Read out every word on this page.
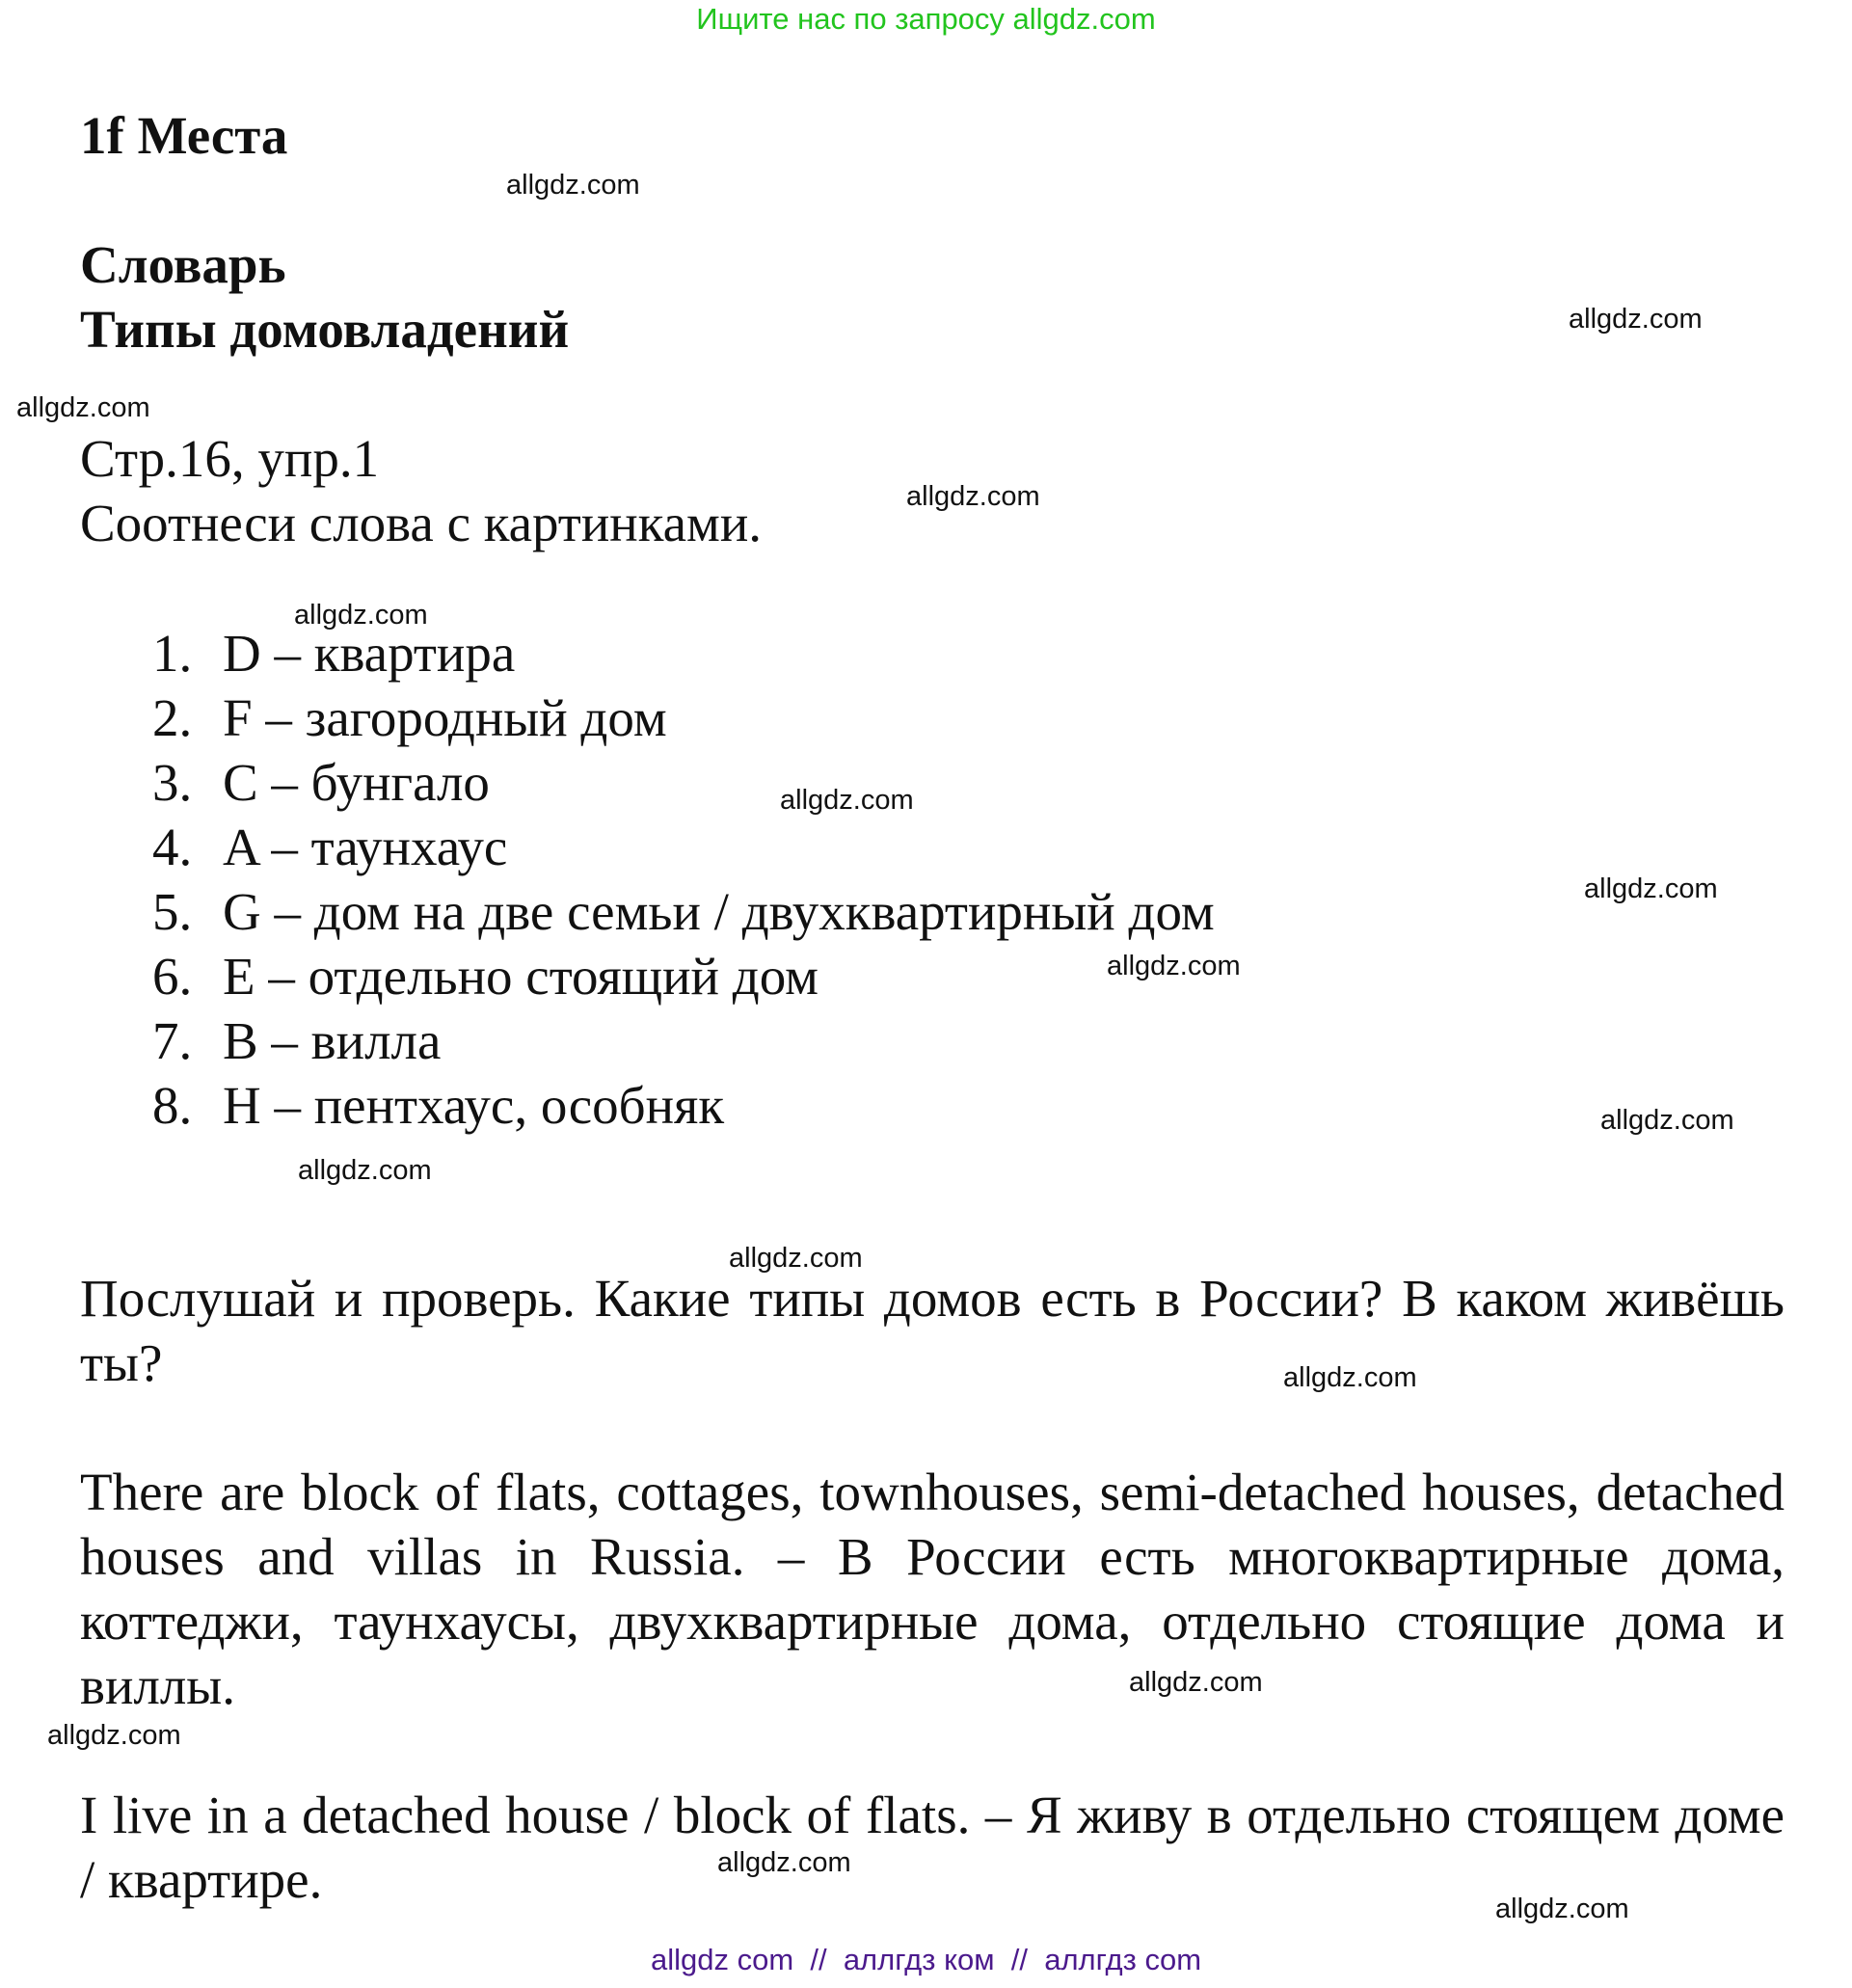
Ищите нас по запросу allgdz.com
1f Места
Словарь
Типы домовладений
Стр.16, упр.1
Соотнеси слова с картинками.
1. D – квартира
2. F – загородный дом
3. C – бунгало
4. A – таунхаус
5. G – дом на две семьи / двухквартирный дом
6. E – отдельно стоящий дом
7. B – вилла
8. H – пентхаус, особняк
Послушай и проверь. Какие типы домов есть в России? В каком живёшь ты?
There are block of flats, cottages, townhouses, semi-detached houses, detached houses and villas in Russia. – В России есть многоквартирные дома, коттеджи, таунхаусы, двухквартирные дома, отдельно стоящие дома и виллы.
I live in a detached house / block of flats. – Я живу в отдельно стоящем доме / квартире.
allgdz.com
allgdz.com
allgdz.com
allgdz.com
allgdz.com
allgdz.com
allgdz.com
allgdz.com
allgdz.com
allgdz.com
allgdz.com
allgdz.com
allgdz.com
allgdz.com
allgdz.com
allgdz.com
allgdz com  //  аллгдз ком  //  аллгдз com
